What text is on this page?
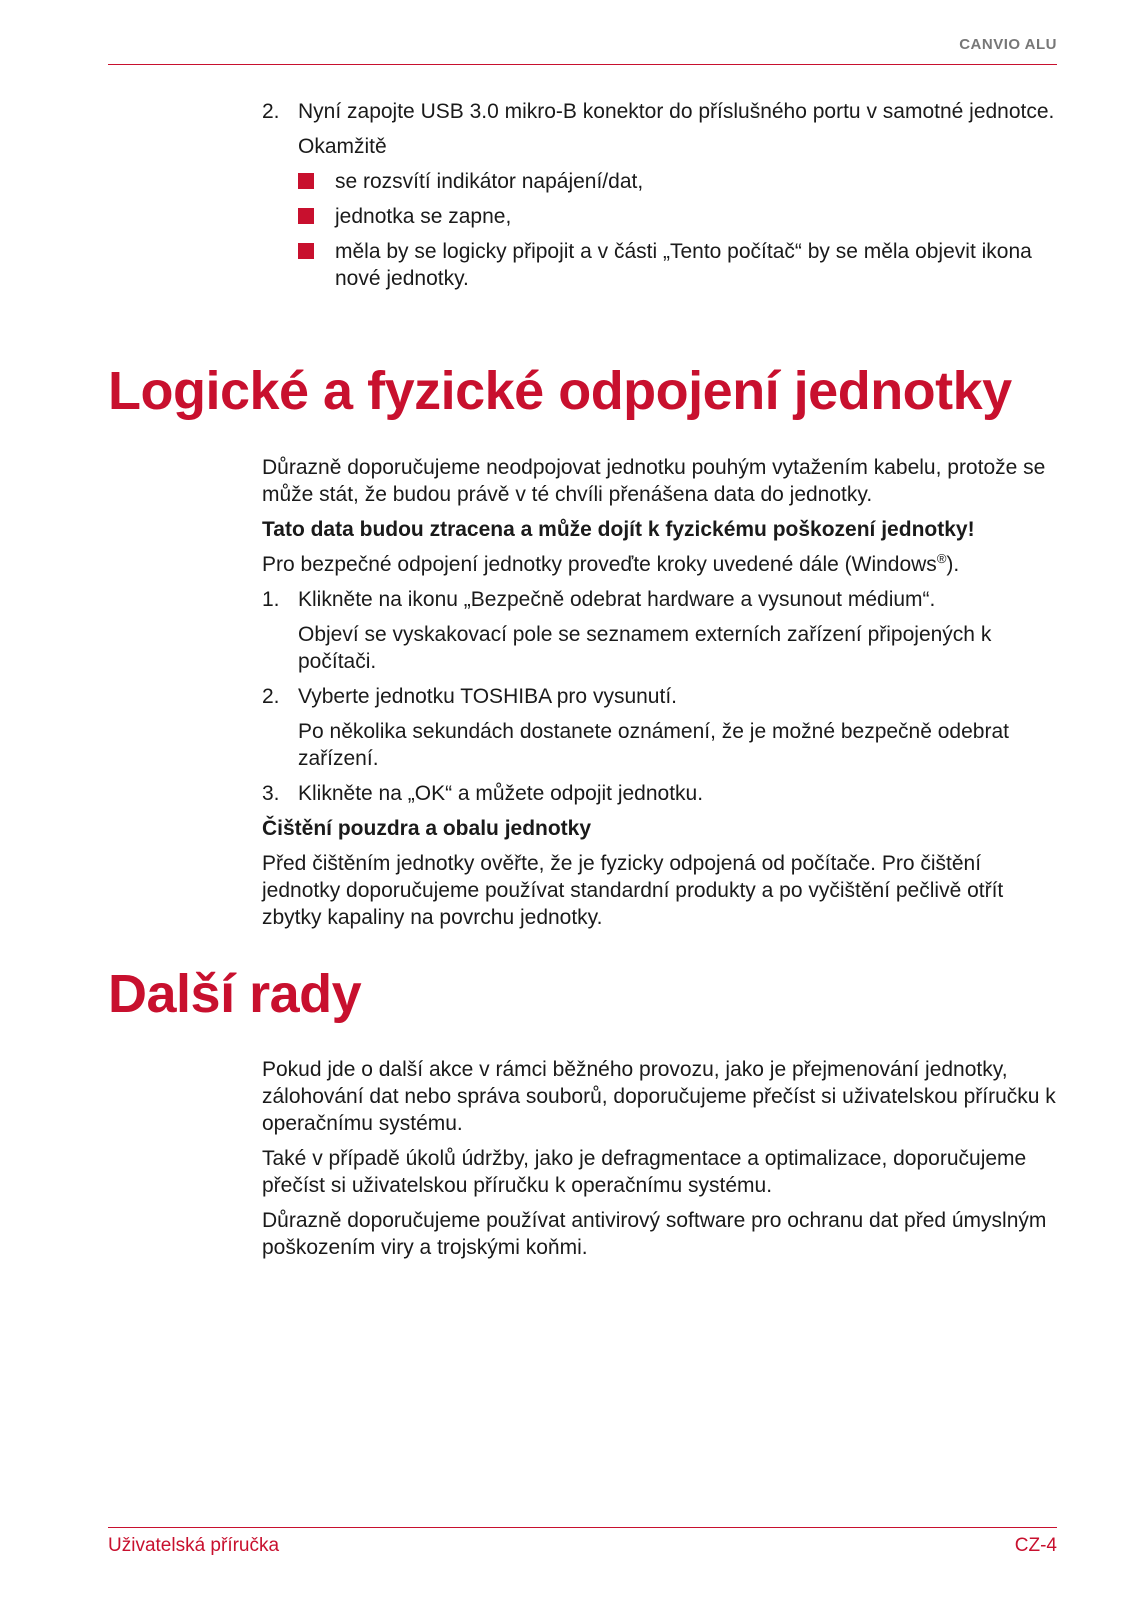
CANVIO ALU
2. Nyní zapojte USB 3.0 mikro-B konektor do příslušného portu v samotné jednotce.
Okamžitě
se rozsvítí indikátor napájení/dat,
jednotka se zapne,
měla by se logicky připojit a v části „Tento počítač“ by se měla objevit ikona nové jednotky.
Logické a fyzické odpojení jednotky

Důrazně doporučujeme neodpojovat jednotku pouhým vytažením kabelu, protože se může stát, že budou právě v té chvíli přenášena data do jednotky.

Tato data budou ztracena a může dojít k fyzickému poškození jednotky!

Pro bezpečné odpojení jednotky proveďte kroky uvedené dále (Windows®).

1. Klikněte na ikonu „Bezpečně odebrat hardware a vysunout médium“.
Objeví se vyskakovací pole se seznamem externích zařízení připojených k počítači.
2. Vyberte jednotku TOSHIBA pro vysunutí.
Po několika sekundách dostanete oznámení, že je možné bezpečně odebrat zařízení.
3. Klikněte na „OK“ a můžete odpojit jednotku.

Čištění pouzdra a obalu jednotky

Před čištěním jednotky ověřte, že je fyzicky odpojená od počítače. Pro čištění jednotky doporučujeme používat standardní produkty a po vyčištění pečlivě otřít zbytky kapaliny na povrchu jednotky.

Další rady

Pokud jde o další akce v rámci běžného provozu, jako je přejmenování jednotky, zálohování dat nebo správa souborů, doporučujeme přečíst si uživatelskou příručku k operačnímu systému.

Také v případě úkolů údržby, jako je defragmentace a optimalizace, doporučujeme přečíst si uživatelskou příručku k operačnímu systému.

Důrazně doporučujeme používat antivirový software pro ochranu dat před úmyslným poškozením viry a trojskými koňmi.

Uživatelská příručka	CZ-4
